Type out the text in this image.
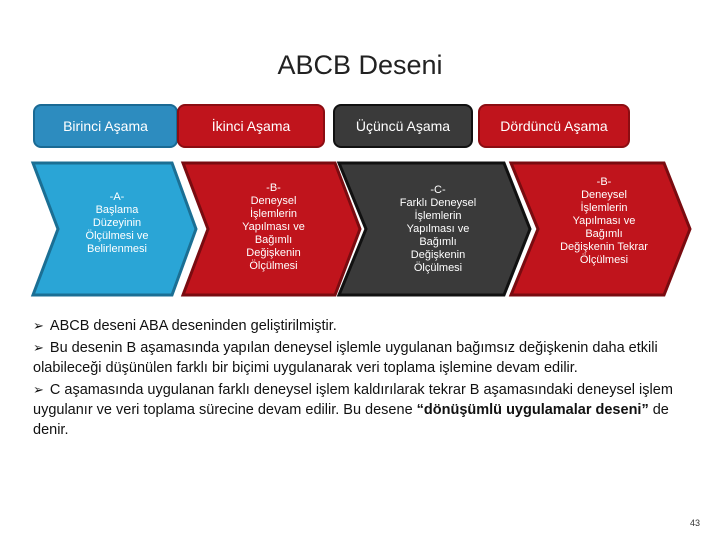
ABCB Deseni
Birinci Aşama	İkinci Aşama	Üçüncü Aşama	Dördüncü Aşama
-A-
Başlama
Düzeyinin
Ölçülmesi ve
Belirlenmesi
-B-
Deneysel
İşlemlerin
Yapılması ve
Bağımlı
Değişkenin
Ölçülmesi
-C-
Farklı Deneysel
İşlemlerin
Yapılması ve
Bağımlı
Değişkenin
Ölçülmesi
-B-
Deneysel
İşlemlerin
Yapılması ve
Bağımlı
Değişkenin Tekrar
Ölçülmesi

➢ ABCB deseni ABA deseninden geliştirilmiştir.

➢ Bu desenin B aşamasında yapılan deneysel işlemle uygulanan bağımsız değişkenin daha etkili olabileceği düşünülen farklı bir biçimi uygulanarak veri toplama işlemine devam edilir.

➢ C aşamasında uygulanan farklı deneysel işlem kaldırılarak tekrar B aşamasındaki deneysel işlem uygulanır ve veri toplama sürecine devam edilir. Bu desene “dönüşümlü uygulamalar deseni” de denir.

43
